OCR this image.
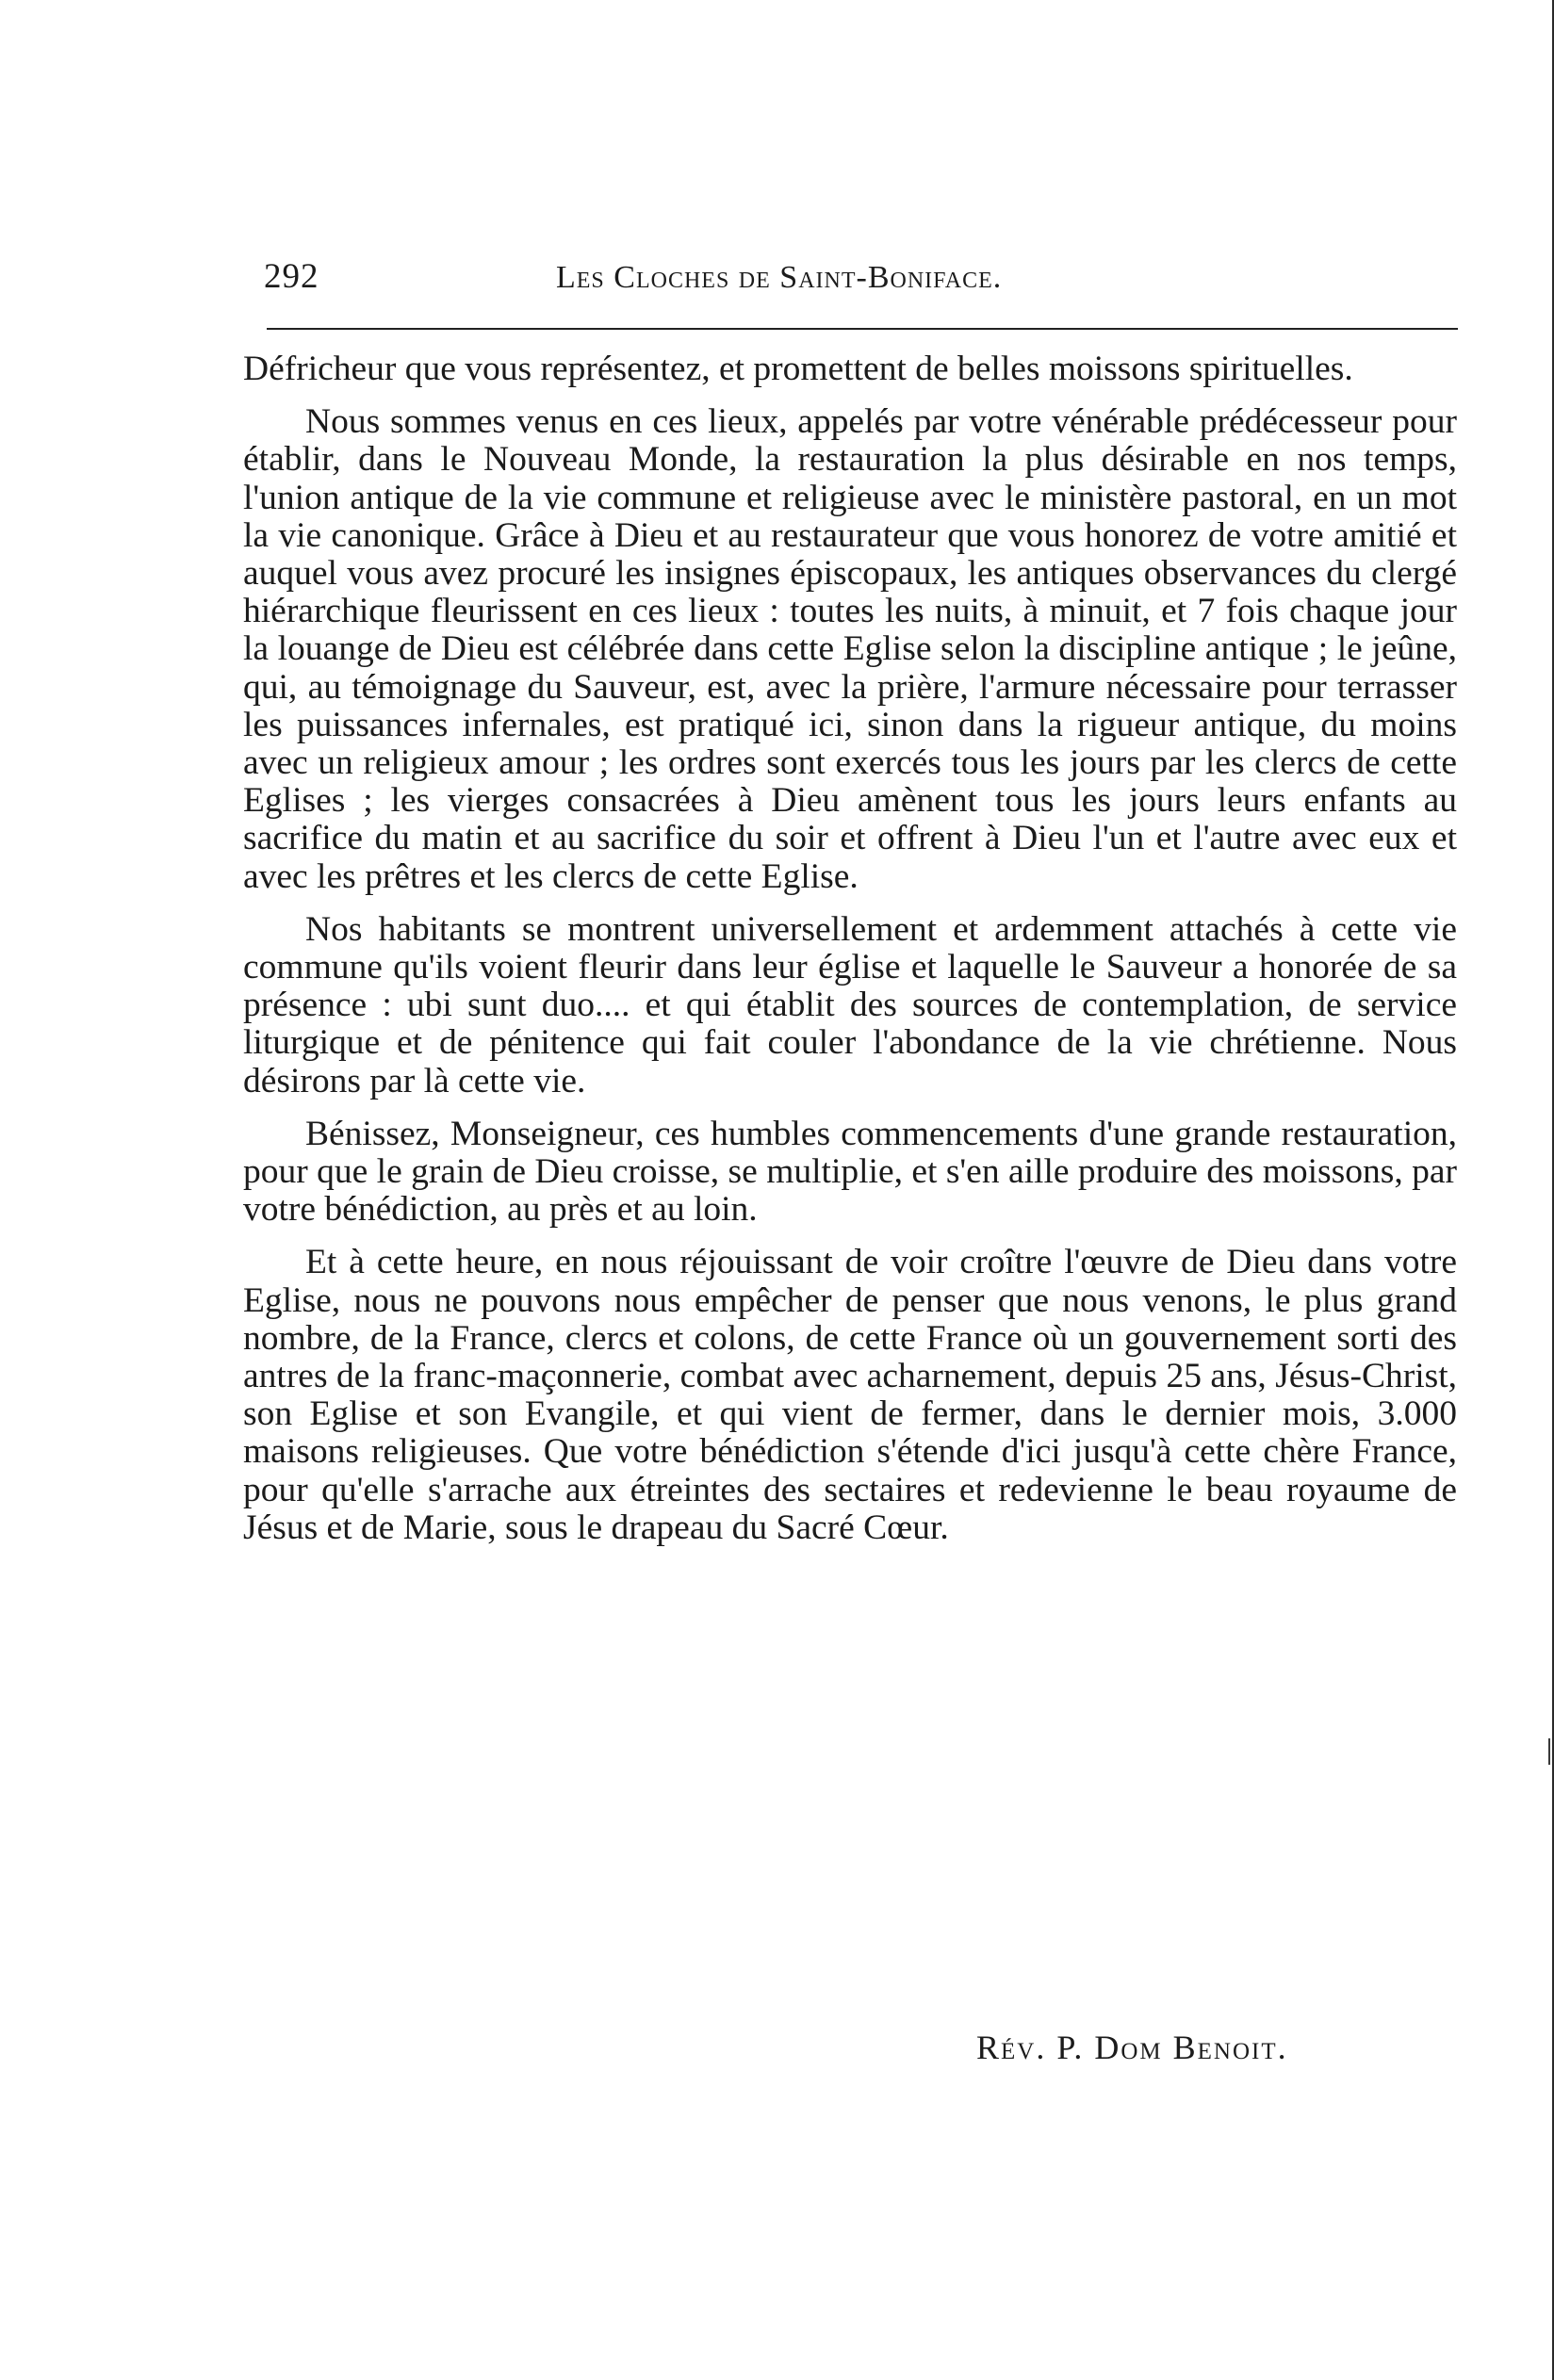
292	Les Cloches de Saint-Boniface.

Défricheur que vous représentez, et promettent de belles moissons spirituelles.

Nous sommes venus en ces lieux, appelés par votre vénérable prédécesseur pour établir, dans le Nouveau Monde, la restauration la plus désirable en nos temps, l'union antique de la vie commune et religieuse avec le ministère pastoral, en un mot la vie canonique. Grâce à Dieu et au restaurateur que vous honorez de votre amitié et auquel vous avez procuré les insignes épiscopaux, les antiques observances du clergé hiérarchique fleurissent en ces lieux : toutes les nuits, à minuit, et 7 fois chaque jour la louange de Dieu est célébrée dans cette Eglise selon la discipline antique ; le jeûne, qui, au témoignage du Sauveur, est, avec la prière, l'armure nécessaire pour terrasser les puissances infernales, est pratiqué ici, sinon dans la rigueur antique, du moins avec un religieux amour ; les ordres sont exercés tous les jours par les clercs de cette Eglises ; les vierges consacrées à Dieu amènent tous les jours leurs enfants au sacrifice du matin et au sacrifice du soir et offrent à Dieu l'un et l'autre avec eux et avec les prêtres et les clercs de cette Eglise.

Nos habitants se montrent universellement et ardemment attachés à cette vie commune qu'ils voient fleurir dans leur église et laquelle le Sauveur a honorée de sa présence : ubi sunt duo.... et qui établit des sources de contemplation, de service liturgique et de pénitence qui fait couler l'abondance de la vie chrétienne. Nous désirons par là cette vie.

Bénissez, Monseigneur, ces humbles commencements d'une grande restauration, pour que le grain de Dieu croisse, se multiplie, et s'en aille produire des moissons, par votre bénédiction, au près et au loin.

Et à cette heure, en nous réjouissant de voir croître l'œuvre de Dieu dans votre Eglise, nous ne pouvons nous empêcher de penser que nous venons, le plus grand nombre, de la France, clercs et colons, de cette France où un gouvernement sorti des antres de la franc-maçonnerie, combat avec acharnement, depuis 25 ans, Jésus-Christ, son Eglise et son Evangile, et qui vient de fermer, dans le dernier mois, 3.000 maisons religieuses. Que votre bénédiction s'étende d'ici jusqu'à cette chère France, pour qu'elle s'arrache aux étreintes des sectaires et redevienne le beau royaume de Jésus et de Marie, sous le drapeau du Sacré Cœur.

Rév. P. Dom Benoit.
